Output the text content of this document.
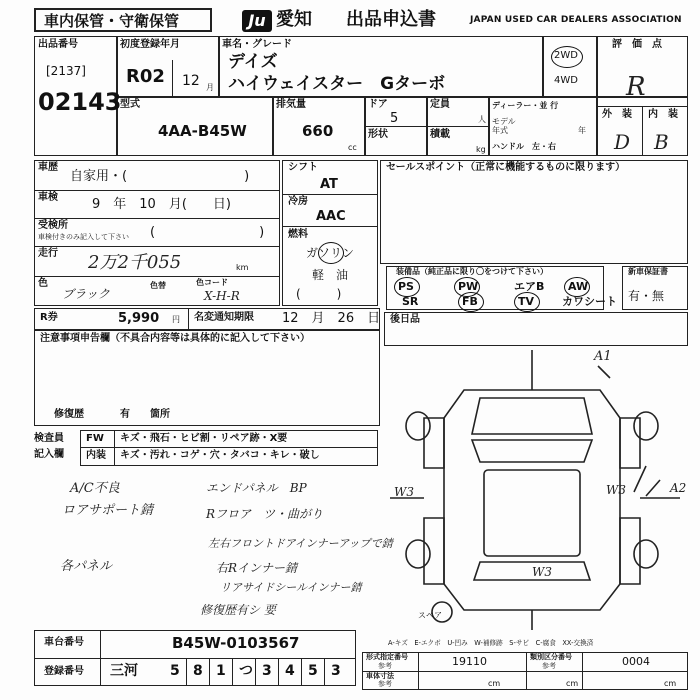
車内保管・守衛保管	Ju 愛知 出品申込書	JAPAN USED CAR DEALERS ASSOCIATION
出品番号
[2137]
02143
初度登録年月
R02 12 月
車名・グレード
デイズ
ハイウェイスター　Gターボ
2WD
4WD
評　価　点
R
外　装 内　装
D B
型式
4AA-B45W
排気量
660
cc
ドア
5
形状
定員
人
積載
kg
ディーラー・並 行
モデル
年式	年
ハンドル　左・右
車歴
自家用・(　　　　　　　　　)
車検	9　年　10　月(　　日)
受検所
車検付きのみ記入して下さい (　　　　　　　　)
走行 2万2千055	km
色
ブラック
色替	色コード
X-H-R
シフト
AT
冷房
AAC
燃料
ガソリン
軽　油
(　　　)
セールスポイント（正常に機能するものに限ります）
装備品（純正品に限り〇をつけて下さい）
PS	PW	エアB AW
SR	FB	TV	カワシート
新車保証書
有・無
R券	5,990 円 名変通知期限 12　月　26　日 後日品
注意事項申告欄（不具合内容等は具体的に記入して下さい）
修復歴	有 箇所
検査員
記入欄
FW キズ・飛石・ヒビ割・リペア跡・X要
内装 キズ・汚れ・コゲ・穴・タバコ・キレ・破し
A/C不良
ロアサポート錆
エンドパネル　BP
Rフロア　ツ・曲がり
左右フロントドアインナーアップで錆
右Rインナー錆
リアサイドシールインナー錆
各パネル
修復歴有シ 要
A1
W3	A2
W3
W3
スペア
A-キズ　E-エクボ　U-凹み　W-補修跡　S-サビ　C-腐食　XX-交換済
車台番号	B45W-0103567
登録番号 三河 5 8 1 つ 3 4 5 3
形式指定番号
参考	19110	類別区分番号
参考	0004
車体寸法
参考	cm	cm	cm
